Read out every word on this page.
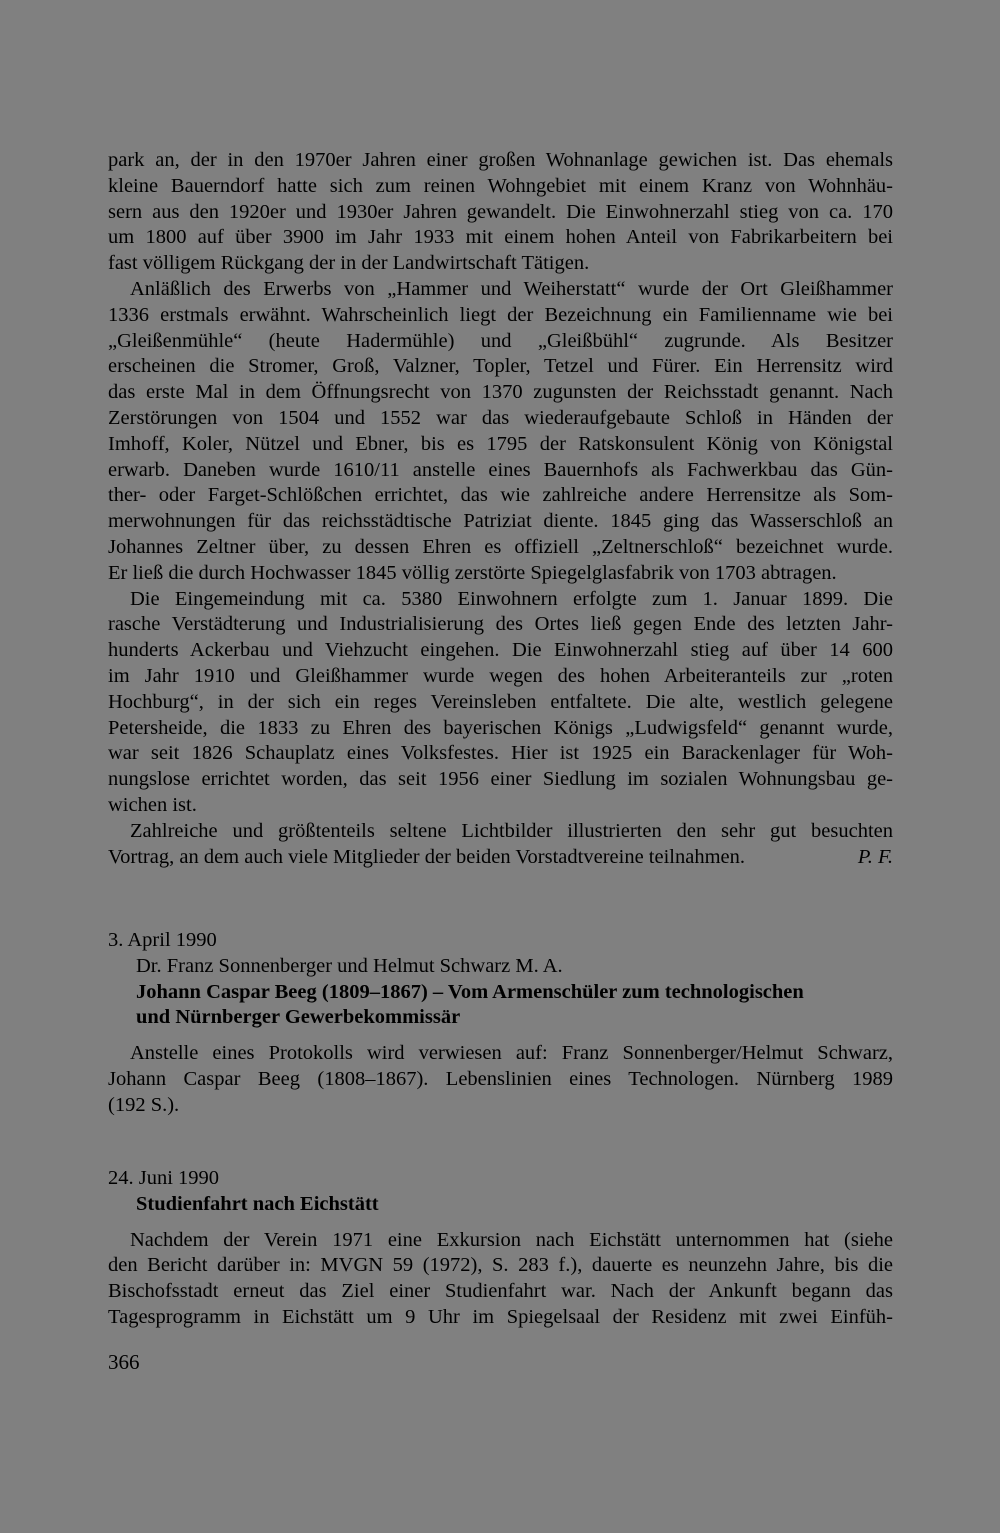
park an, der in den 1970er Jahren einer großen Wohnanlage gewichen ist. Das ehemals
kleine Bauerndorf hatte sich zum reinen Wohngebiet mit einem Kranz von Wohnhäu-
sern aus den 1920er und 1930er Jahren gewandelt. Die Einwohnerzahl stieg von ca. 170
um 1800 auf über 3900 im Jahr 1933 mit einem hohen Anteil von Fabrikarbeitern bei
fast völligem Rückgang der in der Landwirtschaft Tätigen.

Anläßlich des Erwerbs von „Hammer und Weiherstatt“ wurde der Ort Gleißhammer
1336 erstmals erwähnt. Wahrscheinlich liegt der Bezeichnung ein Familienname wie bei
„Gleißenmühle“ (heute Hadermühle) und „Gleißbühl“ zugrunde. Als Besitzer
erscheinen die Stromer, Groß, Valzner, Topler, Tetzel und Fürer. Ein Herrensitz wird
das erste Mal in dem Öffnungsrecht von 1370 zugunsten der Reichsstadt genannt. Nach
Zerstörungen von 1504 und 1552 war das wiederaufgebaute Schloß in Händen der
Imhoff, Koler, Nützel und Ebner, bis es 1795 der Ratskonsulent König von Königstal
erwarb. Daneben wurde 1610/11 anstelle eines Bauernhofs als Fachwerkbau das Gün-
ther- oder Farget-Schlößchen errichtet, das wie zahlreiche andere Herrensitze als Som-
merwohnungen für das reichsstädtische Patriziat diente. 1845 ging das Wasserschloß an
Johannes Zeltner über, zu dessen Ehren es offiziell „Zeltnerschloß“ bezeichnet wurde.
Er ließ die durch Hochwasser 1845 völlig zerstörte Spiegelglasfabrik von 1703 abtragen.

Die Eingemeindung mit ca. 5380 Einwohnern erfolgte zum 1. Januar 1899. Die
rasche Verstädterung und Industrialisierung des Ortes ließ gegen Ende des letzten Jahr-
hunderts Ackerbau und Viehzucht eingehen. Die Einwohnerzahl stieg auf über 14 600
im Jahr 1910 und Gleißhammer wurde wegen des hohen Arbeiteranteils zur „roten
Hochburg“, in der sich ein reges Vereinsleben entfaltete. Die alte, westlich gelegene
Petersheide, die 1833 zu Ehren des bayerischen Königs „Ludwigsfeld“ genannt wurde,
war seit 1826 Schauplatz eines Volksfestes. Hier ist 1925 ein Barackenlager für Woh-
nungslose errichtet worden, das seit 1956 einer Siedlung im sozialen Wohnungsbau ge-
wichen ist.

Zahlreiche und größtenteils seltene Lichtbilder illustrierten den sehr gut besuchten
Vortrag, an dem auch viele Mitglieder der beiden Vorstadtvereine teilnahmen.	P. F.

3. April 1990

Dr. Franz Sonnenberger und Helmut Schwarz M. A.

Johann Caspar Beeg (1809–1867) – Vom Armenschüler zum technologischen
und Nürnberger Gewerbekommissär

Anstelle eines Protokolls wird verwiesen auf: Franz Sonnenberger/Helmut Schwarz,
Johann Caspar Beeg (1808–1867). Lebenslinien eines Technologen. Nürnberg 1989
(192 S.).

24. Juni 1990

Studienfahrt nach Eichstätt

Nachdem der Verein 1971 eine Exkursion nach Eichstätt unternommen hat (siehe
den Bericht darüber in: MVGN 59 (1972), S. 283 f.), dauerte es neunzehn Jahre, bis die
Bischofsstadt erneut das Ziel einer Studienfahrt war. Nach der Ankunft begann das
Tagesprogramm in Eichstätt um 9 Uhr im Spiegelsaal der Residenz mit zwei Einfüh-

366
